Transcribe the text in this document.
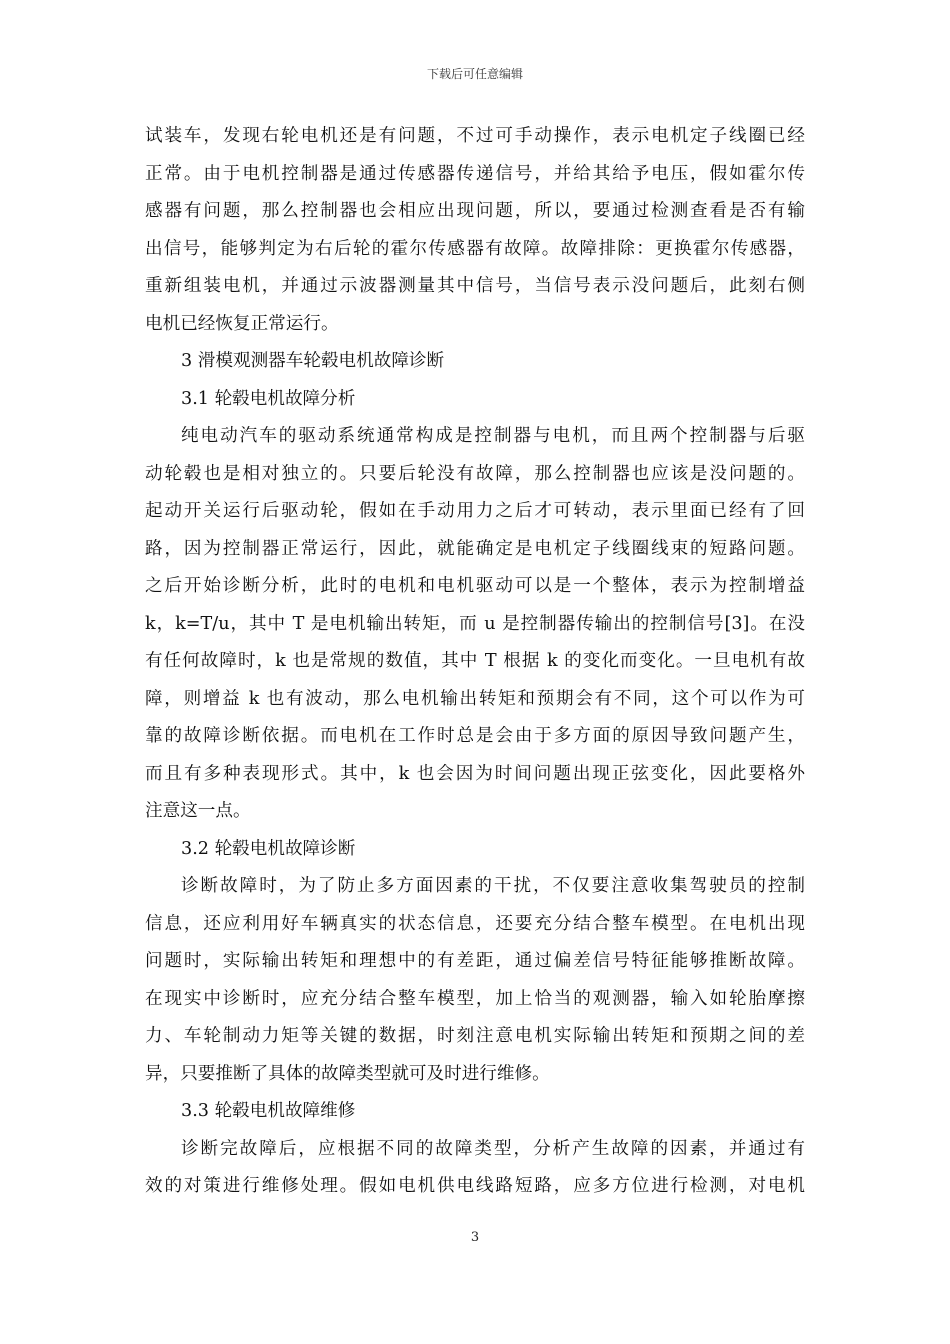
下载后可任意编辑
试装车，发现右轮电机还是有问题，不过可手动操作，表示电机定子线圈已经
正常。由于电机控制器是通过传感器传递信号，并给其给予电压，假如霍尔传
感器有问题，那么控制器也会相应出现问题，所以，要通过检测查看是否有输
出信号，能够判定为右后轮的霍尔传感器有故障。故障排除：更换霍尔传感器，
重新组装电机，并通过示波器测量其中信号，当信号表示没问题后，此刻右侧
电机已经恢复正常运行。
3 滑模观测器车轮毂电机故障诊断
3.1 轮毂电机故障分析
纯电动汽车的驱动系统通常构成是控制器与电机，而且两个控制器与后驱
动轮毂也是相对独立的。只要后轮没有故障，那么控制器也应该是没问题的。
起动开关运行后驱动轮，假如在手动用力之后才可转动，表示里面已经有了回
路，因为控制器正常运行，因此，就能确定是电机定子线圈线束的短路问题。
之后开始诊断分析，此时的电机和电机驱动可以是一个整体，表示为控制增益
k，k=T/u，其中 T 是电机输出转矩，而 u 是控制器传输出的控制信号[3]。在没
有任何故障时，k 也是常规的数值，其中 T 根据 k 的变化而变化。一旦电机有故
障，则增益 k 也有波动，那么电机输出转矩和预期会有不同，这个可以作为可
靠的故障诊断依据。而电机在工作时总是会由于多方面的原因导致问题产生，
而且有多种表现形式。其中，k 也会因为时间问题出现正弦变化，因此要格外
注意这一点。
3.2 轮毂电机故障诊断
诊断故障时，为了防止多方面因素的干扰，不仅要注意收集驾驶员的控制
信息，还应利用好车辆真实的状态信息，还要充分结合整车模型。在电机出现
问题时，实际输出转矩和理想中的有差距，通过偏差信号特征能够推断故障。
在现实中诊断时，应充分结合整车模型，加上恰当的观测器，输入如轮胎摩擦
力、车轮制动力矩等关键的数据，时刻注意电机实际输出转矩和预期之间的差
异，只要推断了具体的故障类型就可及时进行维修。
3.3 轮毂电机故障维修
诊断完故障后，应根据不同的故障类型，分析产生故障的因素，并通过有
效的对策进行维修处理。假如电机供电线路短路，应多方位进行检测，对电机
3
